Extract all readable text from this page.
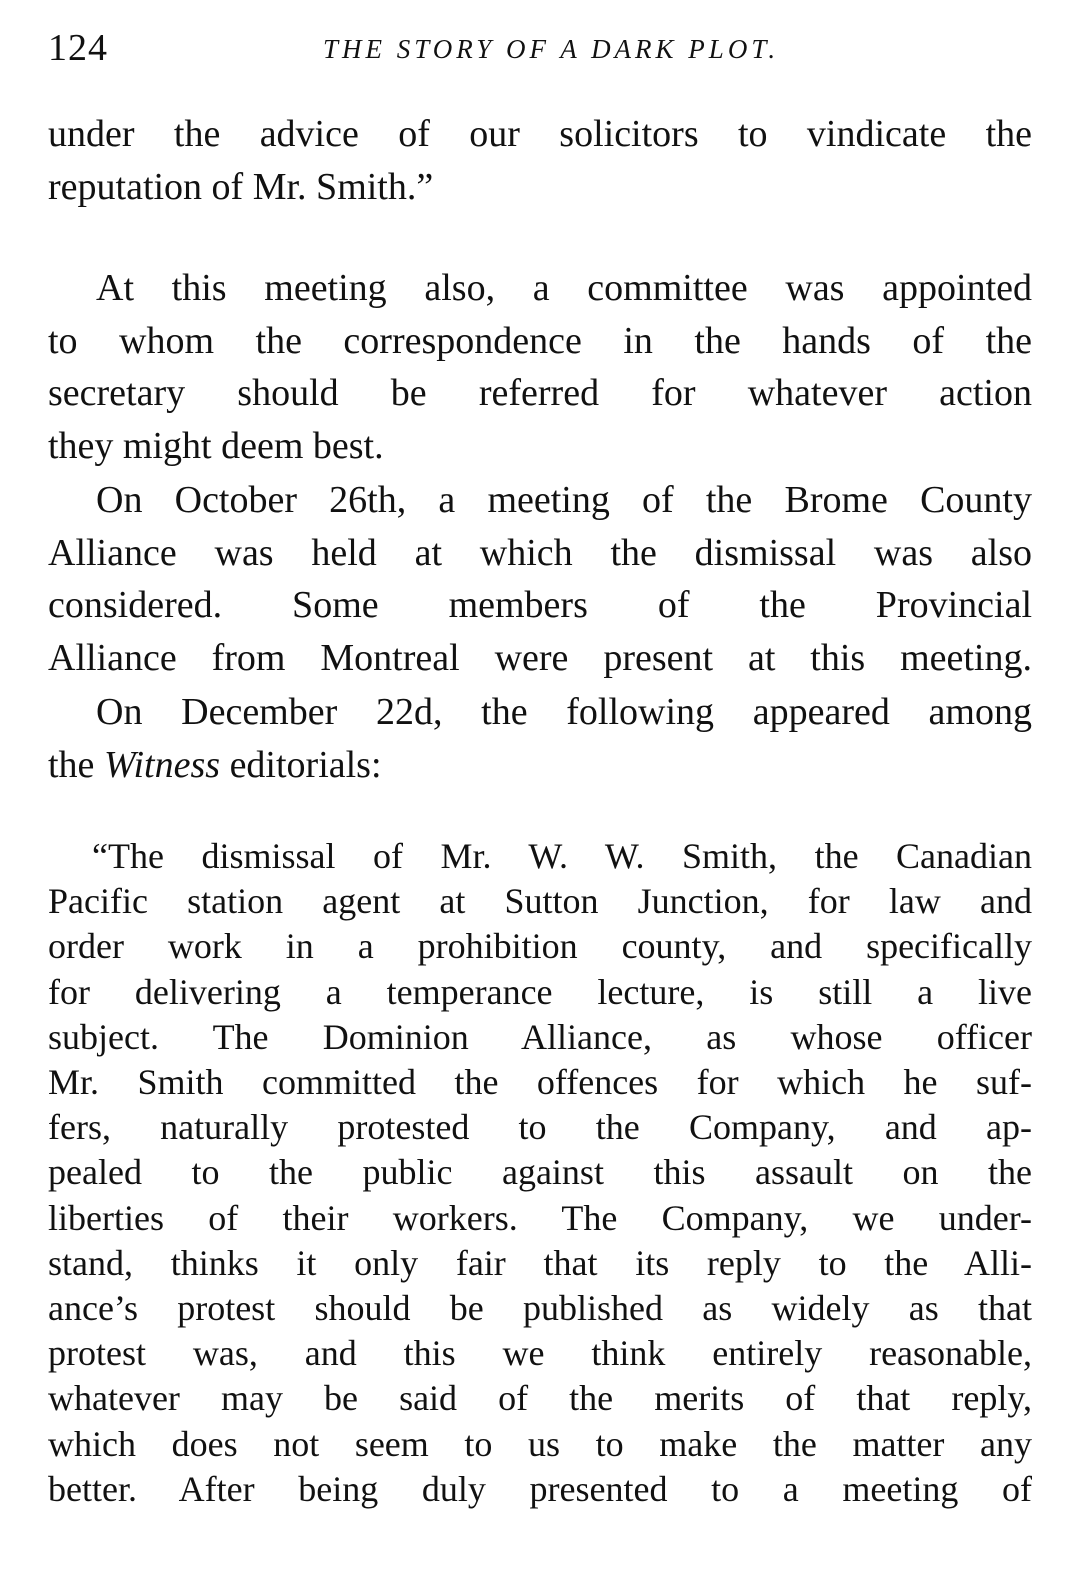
124	THE STORY OF A DARK PLOT.
under the advice of our solicitors to vindicate the
reputation of Mr. Smith.”
At this meeting also, a committee was appointed
to whom the correspondence in the hands of the
secretary should be referred for whatever action
they might deem best.
On October 26th, a meeting of the Brome County
Alliance was held at which the dismissal was also
considered. Some members of the Provincial
Alliance from Montreal were present at this meeting.
On December 22d, the following appeared among
the Witness editorials:
“The dismissal of Mr. W. W. Smith, the Canadian
Pacific station agent at Sutton Junction, for law and
order work in a prohibition county, and specifically
for delivering a temperance lecture, is still a live
subject. The Dominion Alliance, as whose officer
Mr. Smith committed the offences for which he suf-
fers, naturally protested to the Company, and ap-
pealed to the public against this assault on the
liberties of their workers. The Company, we under-
stand, thinks it only fair that its reply to the Alli-
ance’s protest should be published as widely as that
protest was, and this we think entirely reasonable,
whatever may be said of the merits of that reply,
which does not seem to us to make the matter any
better. After being duly presented to a meeting of
